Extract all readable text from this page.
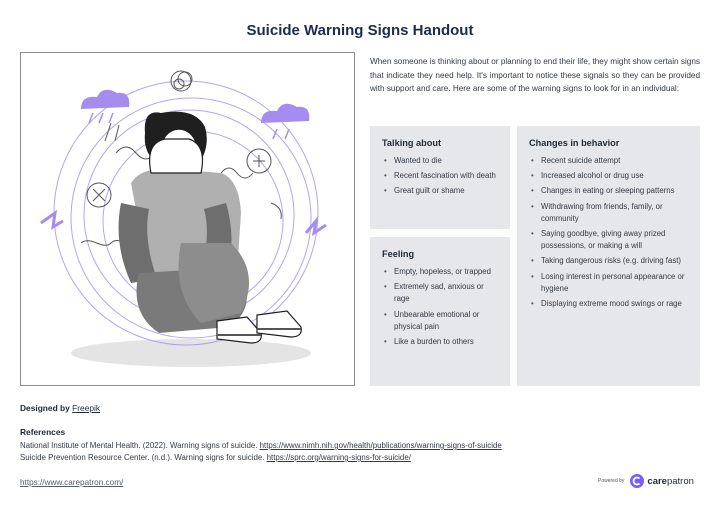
Suicide Warning Signs Handout
When someone is thinking about or planning to end their life, they might show certain signs that indicate they need help. It's important to notice these signals so they can be provided with support and care. Here are some of the warning signs to look for in an individual:
Talking about
• Wanted to die
• Recent fascination with death
• Great guilt or shame
Feeling
• Empty, hopeless, or trapped
• Extremely sad, anxious or rage
• Unbearable emotional or physical pain
• Like a burden to others
Changes in behavior
• Recent suicide attempt
• Increased alcohol or drug use
• Changes in eating or sleeping patterns
• Withdrawing from friends, family, or community
• Saying goodbye, giving away prized possessions, or making a will
• Taking dangerous risks (e.g. driving fast)
• Losing interest in personal appearance or hygiene
• Displaying extreme mood swings or rage
Designed by Freepik
References
National Institute of Mental Health. (2022). Warning signs of suicide. https://www.nimh.nih.gov/health/publications/warning-signs-of-suicide
Suicide Prevention Resource Center. (n.d.). Warning signs for suicide. https://sprc.org/warning-signs-for-suicide/
https://www.carepatron.com/	Powered by carepatron
